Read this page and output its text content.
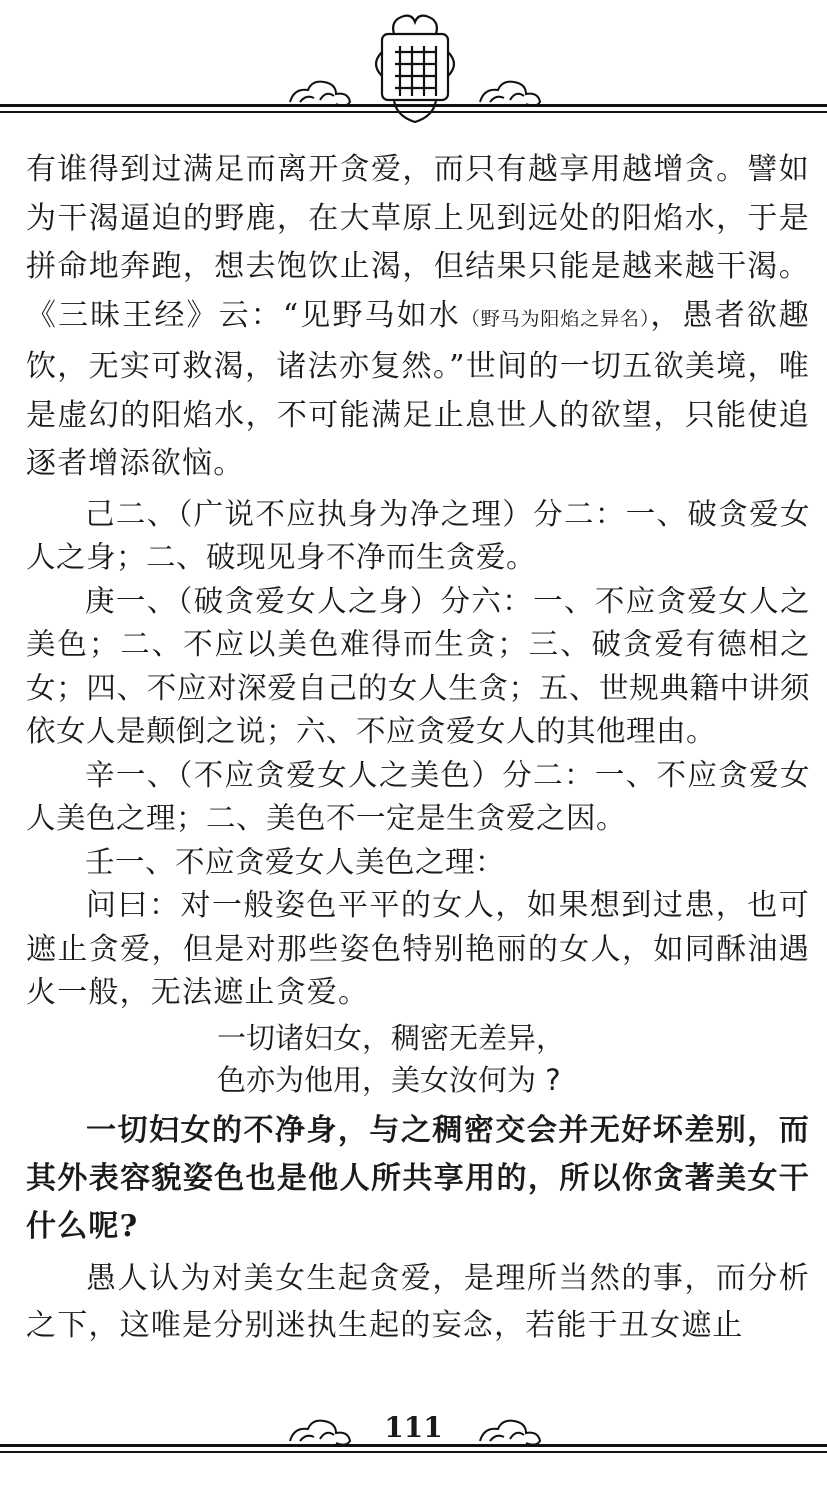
有谁得到过满足而离开贪爱，而只有越享用越增贪。譬如为干渴逼迫的野鹿，在大草原上见到远处的阳焰水，于是拼命地奔跑，想去饱饮止渴，但结果只能是越来越干渴。《三昧王经》云：“见野马如水（野马为阳焰之异名），愚者欲趣饮，无实可救渴，诸法亦复然。”世间的一切五欲美境，唯是虚幻的阳焰水，不可能满足止息世人的欲望，只能使追逐者增添欲恼。

己二、（广说不应执身为净之理）分二：一、破贪爱女人之身；二、破现见身不净而生贪爱。

庚一、（破贪爱女人之身）分六：一、不应贪爱女人之美色；二、不应以美色难得而生贪；三、破贪爱有德相之女；四、不应对深爱自己的女人生贪；五、世规典籍中讲须依女人是颠倒之说；六、不应贪爱女人的其他理由。

辛一、（不应贪爱女人之美色）分二：一、不应贪爱女人美色之理；二、美色不一定是生贪爱之因。

壬一、不应贪爱女人美色之理：

问曰：对一般姿色平平的女人，如果想到过患，也可遮止贪爱，但是对那些姿色特别艳丽的女人，如同酥油遇火一般，无法遮止贪爱。

一切诸妇女，稠密无差异，
色亦为他用，美女汝何为 ?

一切妇女的不净身，与之稠密交会并无好坏差别，而其外表容貌姿色也是他人所共享用的，所以你贪著美女干什么呢?

愚人认为对美女生起贪爱，是理所当然的事，而分析之下，这唯是分别迷执生起的妄念，若能于丑女遮止

111
